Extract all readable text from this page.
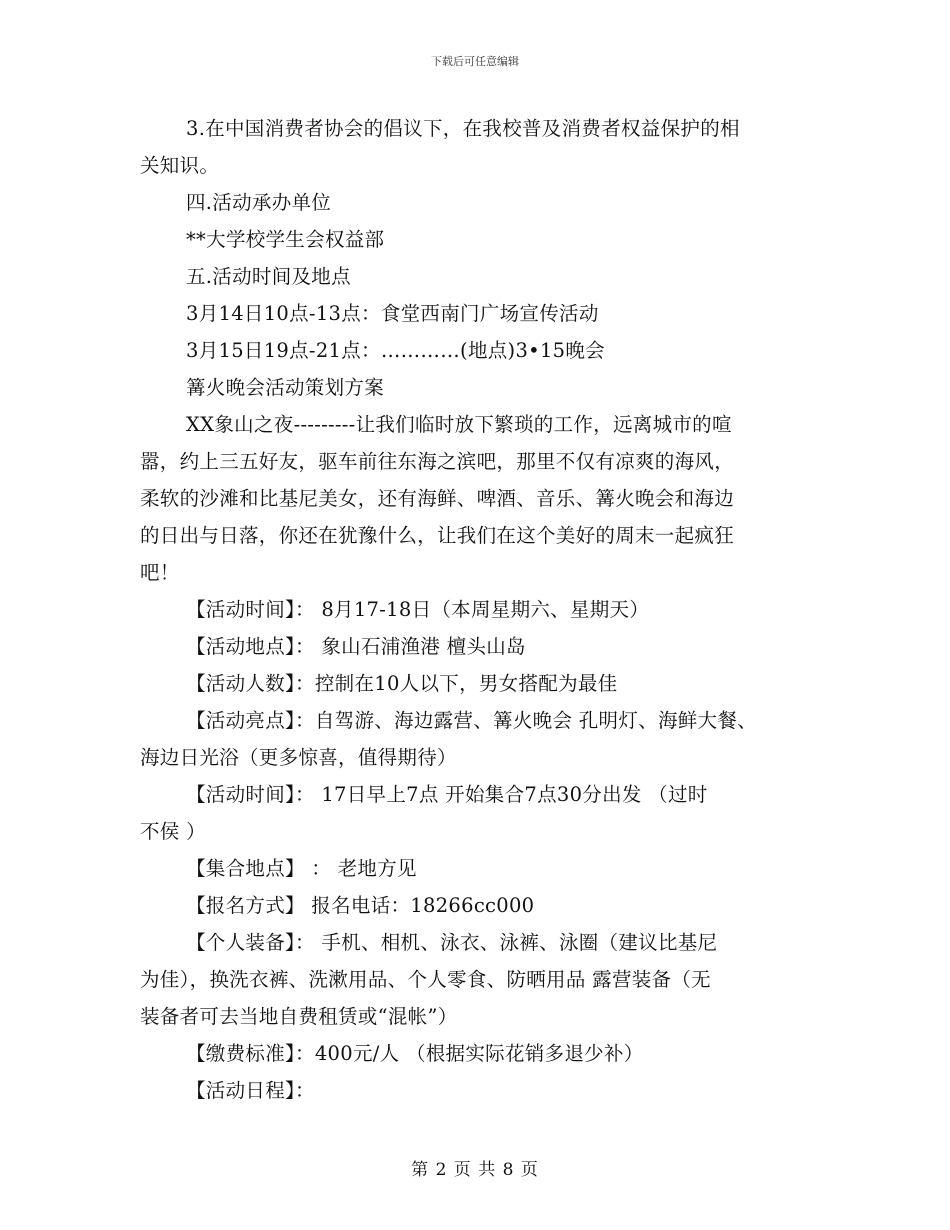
下载后可任意编辑
3.在中国消费者协会的倡议下，在我校普及消费者权益保护的相
关知识。
四.活动承办单位
**大学校学生会权益部
五.活动时间及地点
3月14日10点-13点：食堂西南门广场宣传活动
3月15日19点-21点：…………(地点)3•15晚会
篝火晚会活动策划方案
XX象山之夜---------让我们临时放下繁琐的工作，远离城市的喧
嚣，约上三五好友，驱车前往东海之滨吧，那里不仅有凉爽的海风，
柔软的沙滩和比基尼美女，还有海鲜、啤酒、音乐、篝火晚会和海边
的日出与日落，你还在犹豫什么，让我们在这个美好的周末一起疯狂
吧！
【活动时间】： 8月17-18日（本周星期六、星期天）
【活动地点】： 象山石浦渔港 檀头山岛
【活动人数】：控制在10人以下，男女搭配为最佳
【活动亮点】：自驾游、海边露营、篝火晚会 孔明灯、海鲜大餐、
海边日光浴（更多惊喜，值得期待）
【活动时间】： 17日早上7点 开始集合7点30分出发 （过时
不侯 ）
【集合地点】 ： 老地方见
【报名方式】 报名电话：18266cc000
【个人装备】： 手机、相机、泳衣、泳裤、泳圈（建议比基尼
为佳），换洗衣裤、洗漱用品、个人零食、防晒用品 露营装备（无
装备者可去当地自费租赁或“混帐”）
【缴费标准】：400元/人 （根据实际花销多退少补）
【活动日程】：
第 2 页 共 8 页
